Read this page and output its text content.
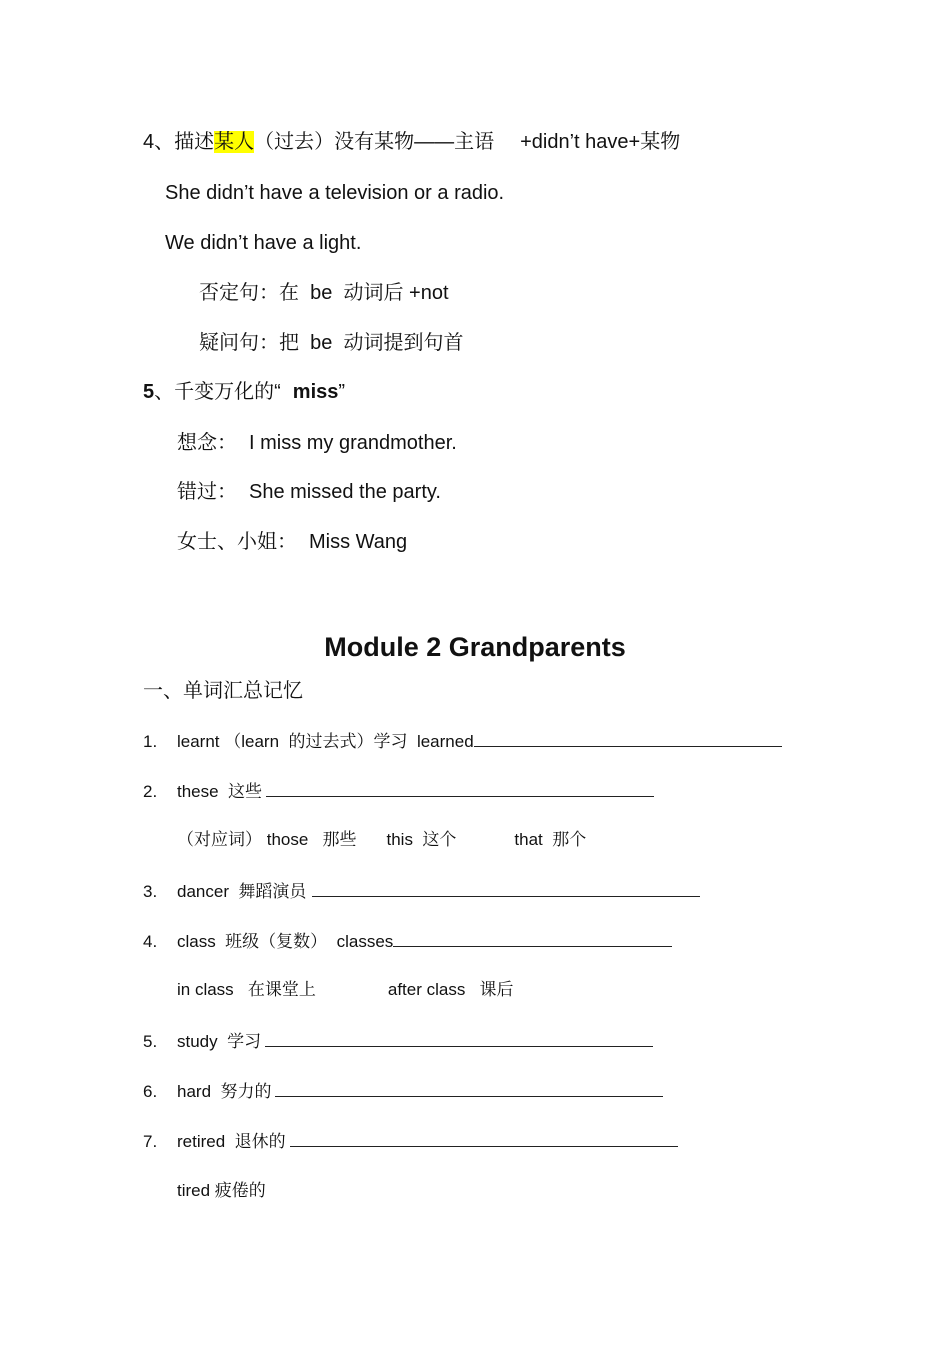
4、描述某人（过去）没有某物——主语 +didn’t have+某物
She didn’t have a television or a radio.
We didn’t have a light.
否定句：在  be  动词后 +not
疑问句：把  be  动词提到句首
5、千变万化的“ miss”
想念： I miss my grandmother.
错过： She missed the party.
女士、小姐： Miss Wang
Module 2 Grandparents
一、单词汇总记忆
1. learnt （learn  的过去式）学习  learned
2. these  这些
（对应词） those   那些 this  这个	that  那个
3. dancer  舞蹈演员
4. class  班级（复数）  classes
in class   在课堂上	after class   课后
5. study  学习
6. hard  努力的
7. retired  退休的
tired 疲倦的
